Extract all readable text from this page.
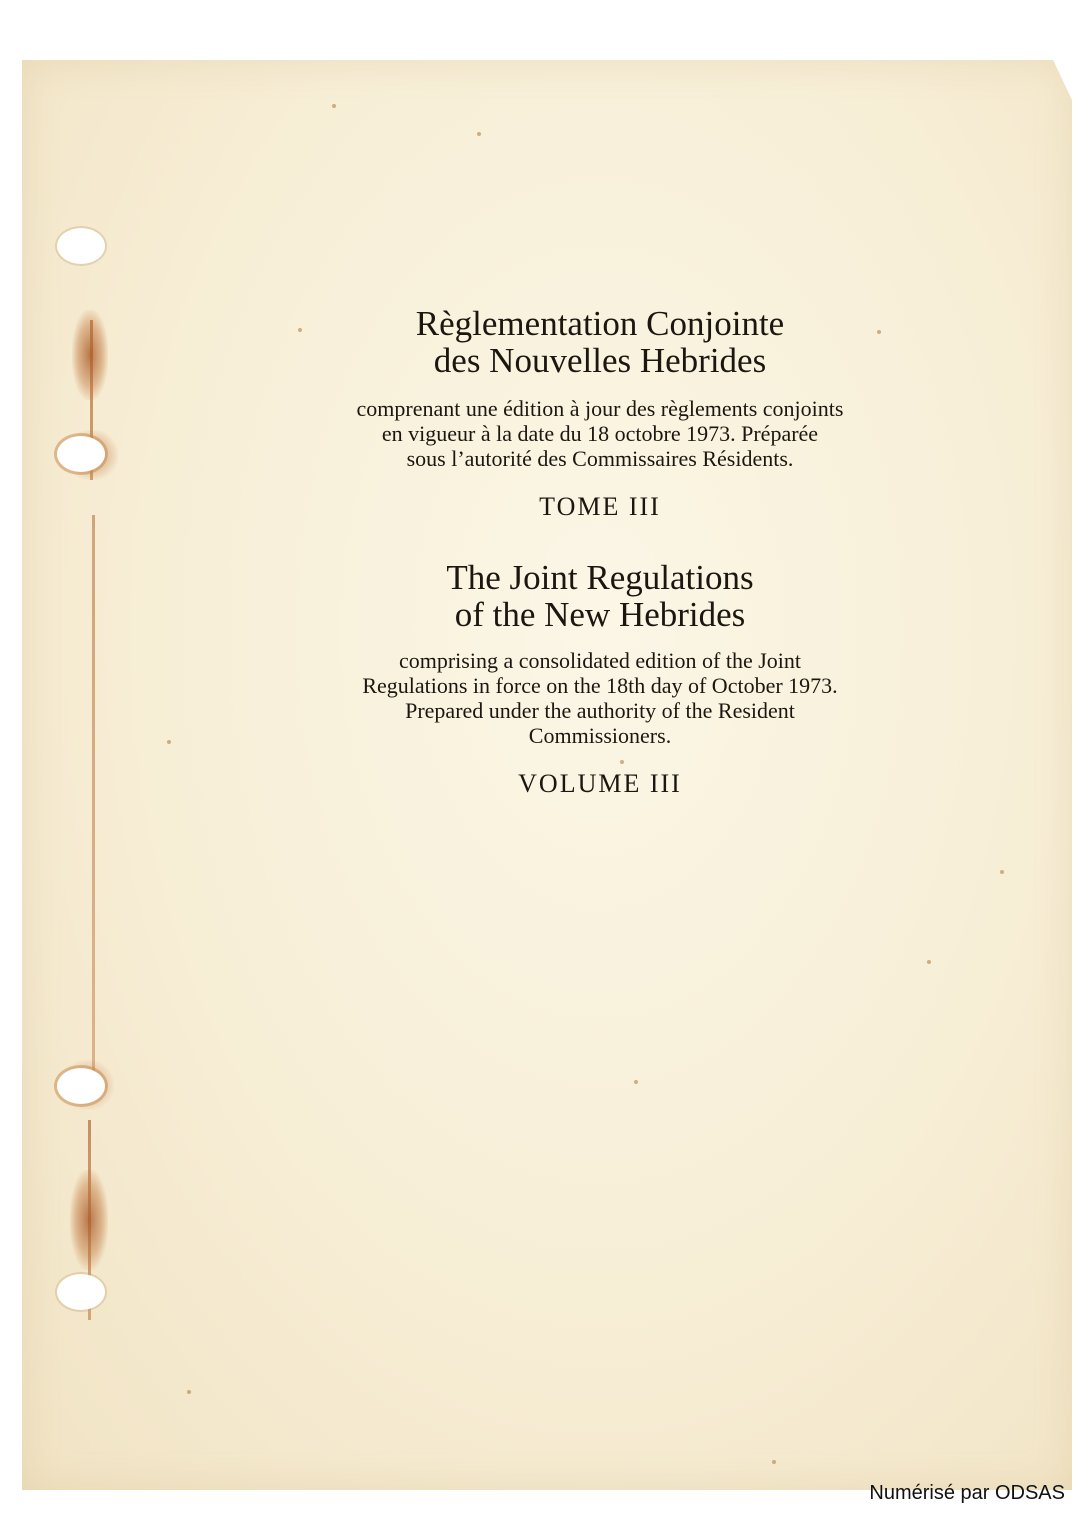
Règlementation Conjointe
des Nouvelles Hebrides
comprenant une édition à jour des règlements conjoints
en vigueur à la date du 18 octobre 1973. Préparée
sous l’autorité des Commissaires Résidents.
TOME III
The Joint Regulations
of the New Hebrides
comprising a consolidated edition of the Joint
Regulations in force on the 18th day of October 1973.
Prepared under the authority of the Resident
Commissioners.
VOLUME III
Numérisé par ODSAS
